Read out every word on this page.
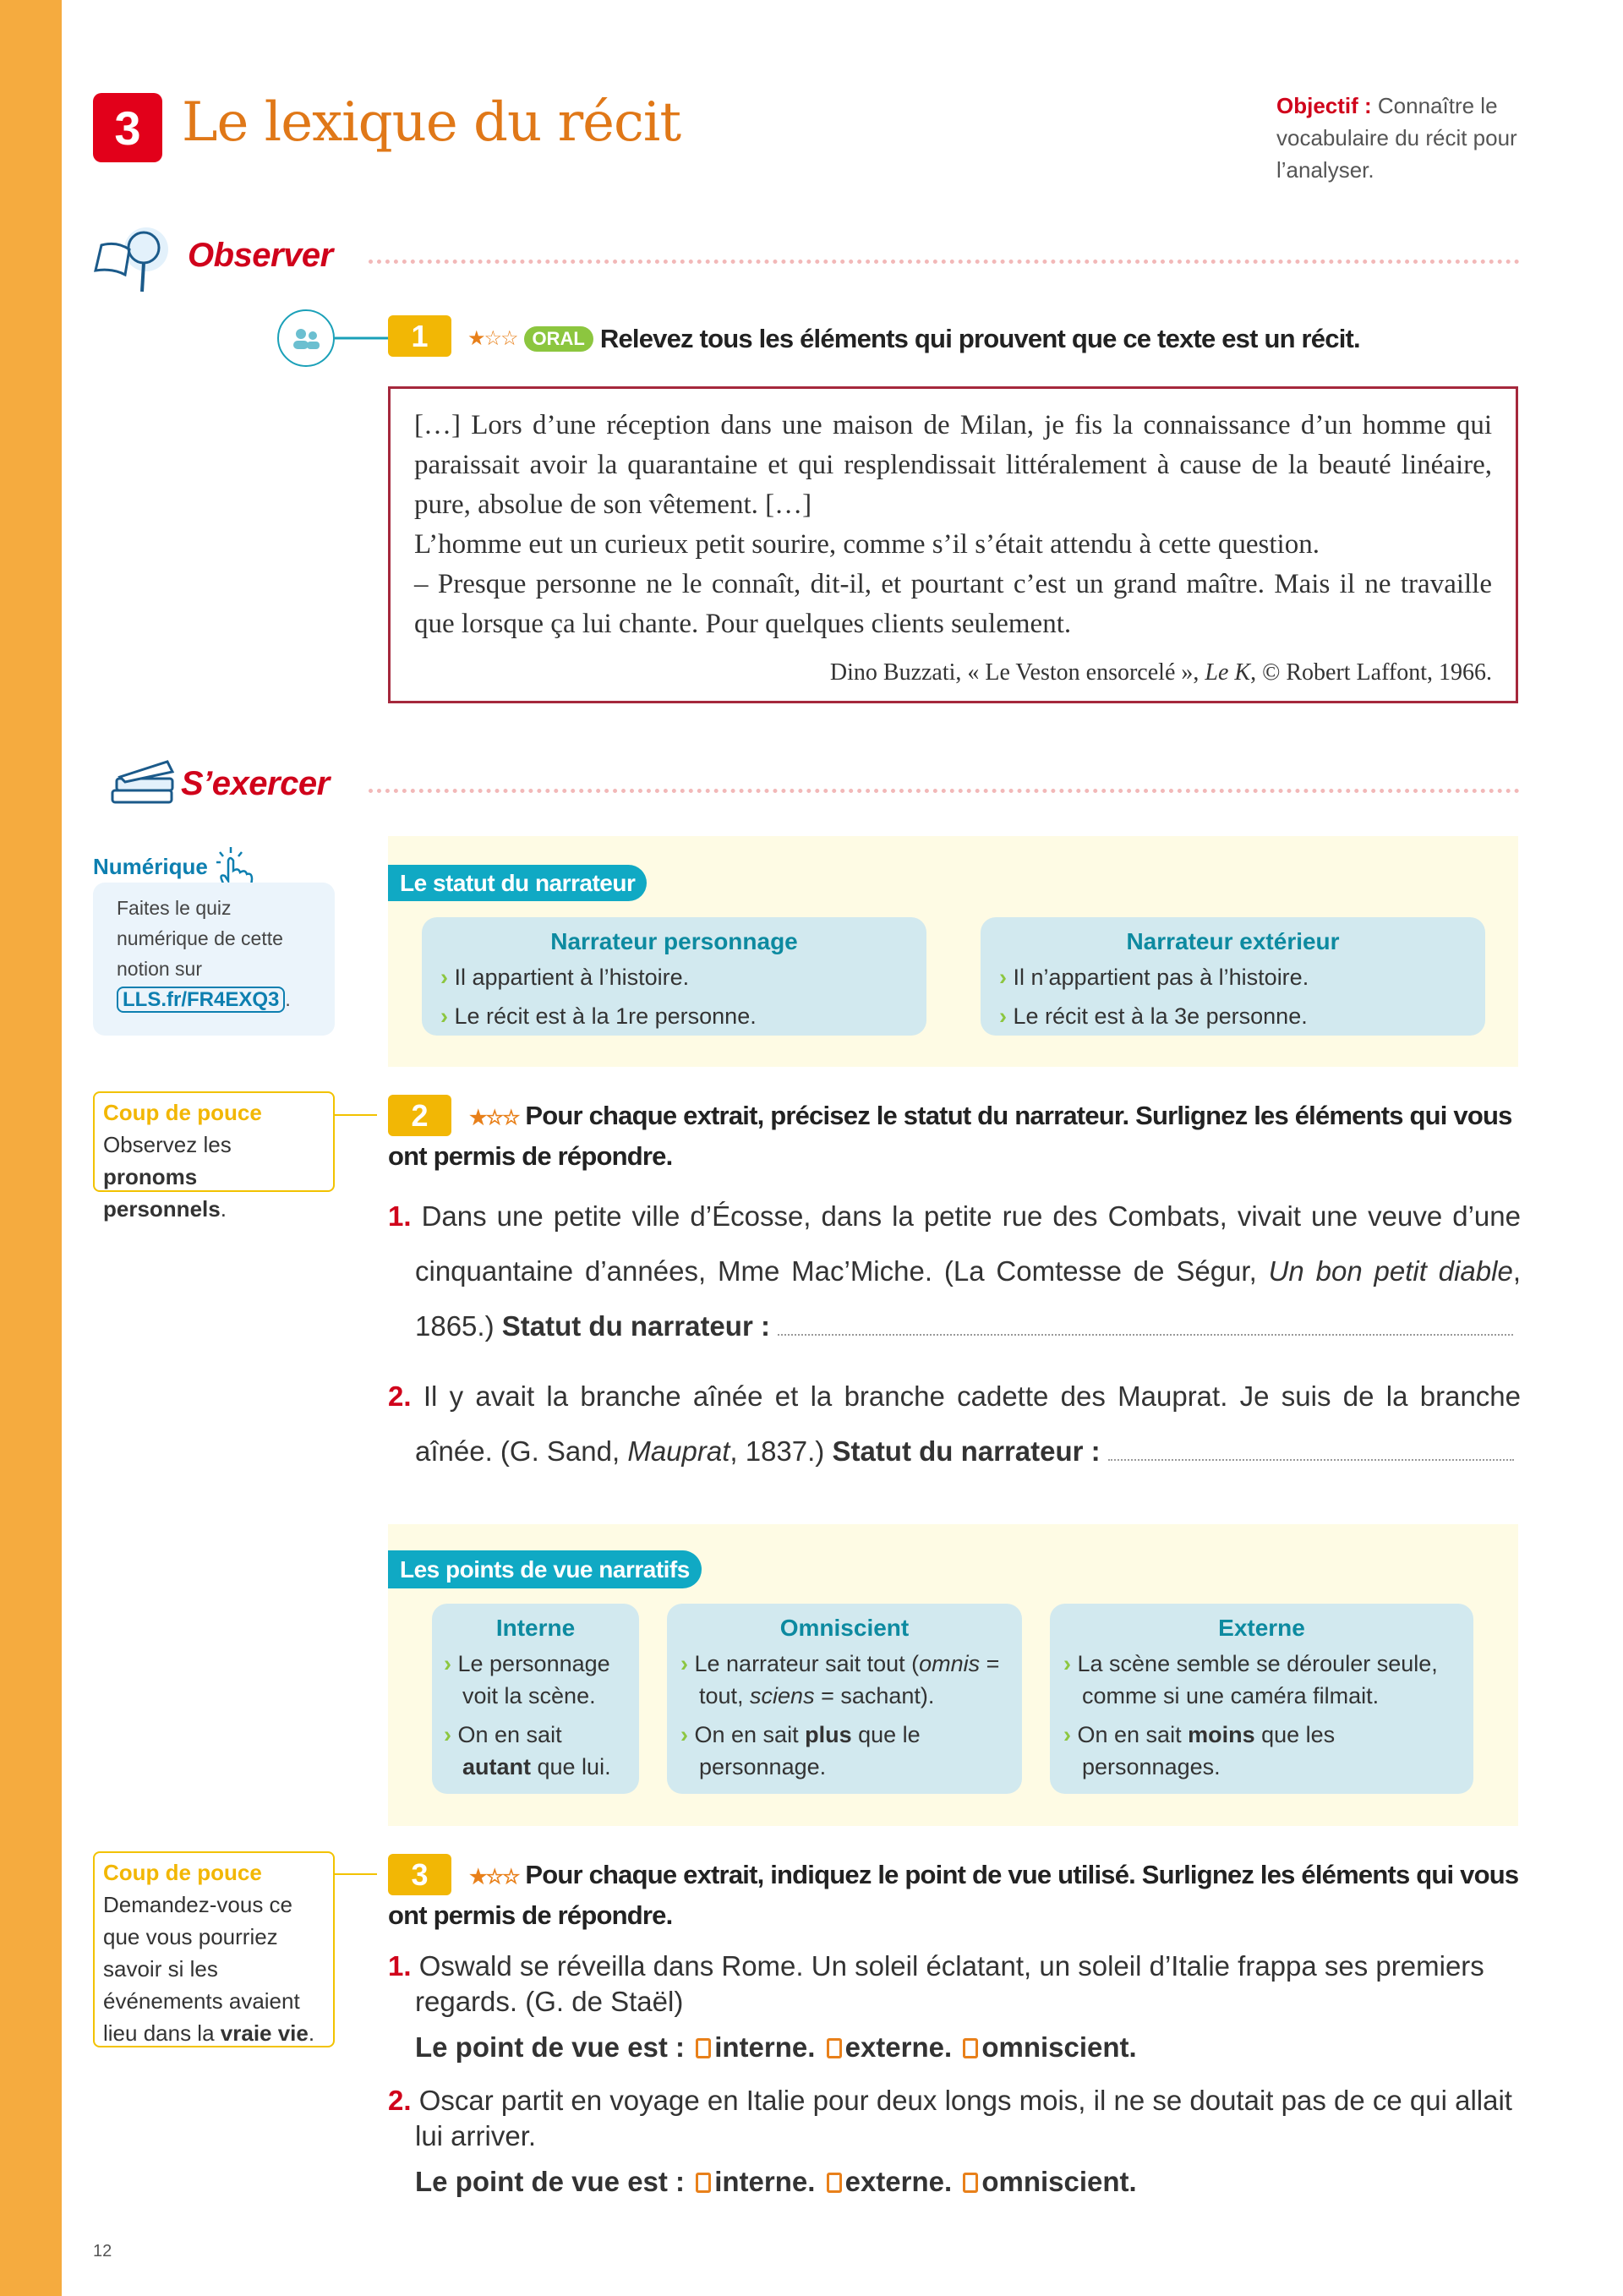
3 Le lexique du récit	Objectif : Connaître le vocabulaire du récit pour l’analyser.
Observer
1	★☆☆ ORAL Relevez tous les éléments qui prouvent que ce texte est un récit.
[…] Lors d’une réception dans une maison de Milan, je fis la connaissance d’un homme qui paraissait avoir la quarantaine et qui resplendissait littéralement à cause de la beauté linéaire, pure, absolue de son vêtement. […]
L’homme eut un curieux petit sourire, comme s’il s’était attendu à cette question.
– Presque personne ne le connaît, dit-il, et pourtant c’est un grand maître. Mais il ne travaille que lorsque ça lui chante. Pour quelques clients seulement.
Dino Buzzati, « Le Veston ensorcelé », Le K, © Robert Laffont, 1966.
S’exercer
Numérique
Faites le quiz numérique de cette notion sur LLS.fr/FR4EXQ3 .
Le statut du narrateur
Narrateur personnage

› Il appartient à l’histoire.

› Le récit est à la 1re personne.

Narrateur extérieur

› Il n’appartient pas à l’histoire.

› Le récit est à la 3e personne.

Coup de pouce
Observez les
pronoms personnels.
2	★☆☆ Pour chaque extrait, précisez le statut du narrateur. Surlignez les éléments qui vous ont permis de répondre.
1. Dans une petite ville d’Écosse, dans la petite rue des Combats, vivait une veuve d’une cinquantaine d’années, Mme Mac’Miche. (La Comtesse de Ségur, Un bon petit diable, 1865.) Statut du narrateur :
2. Il y avait la branche aînée et la branche cadette des Mauprat. Je suis de la branche aînée. (G. Sand, Mauprat, 1837.) Statut du narrateur :
Les points de vue narratifs
Interne

› Le personnage voit la scène.

› On en sait autant que lui.

Omniscient

› Le narrateur sait tout (omnis = tout, sciens = sachant).

› On en sait plus que le personnage.

Externe

› La scène semble se dérouler seule, comme si une caméra filmait.

› On en sait moins que les personnages.

Coup de pouce
Demandez-vous ce que vous pourriez savoir si les événements avaient lieu dans la vraie vie.
3	★☆☆ Pour chaque extrait, indiquez le point de vue utilisé. Surlignez les éléments qui vous ont permis de répondre.
1. Oswald se réveilla dans Rome. Un soleil éclatant, un soleil d’Italie frappa ses premiers regards. (G. de Staël)
Le point de vue est : interne. externe. omniscient.
2. Oscar partit en voyage en Italie pour deux longs mois, il ne se doutait pas de ce qui allait lui arriver.
Le point de vue est : interne. externe. omniscient.
12
